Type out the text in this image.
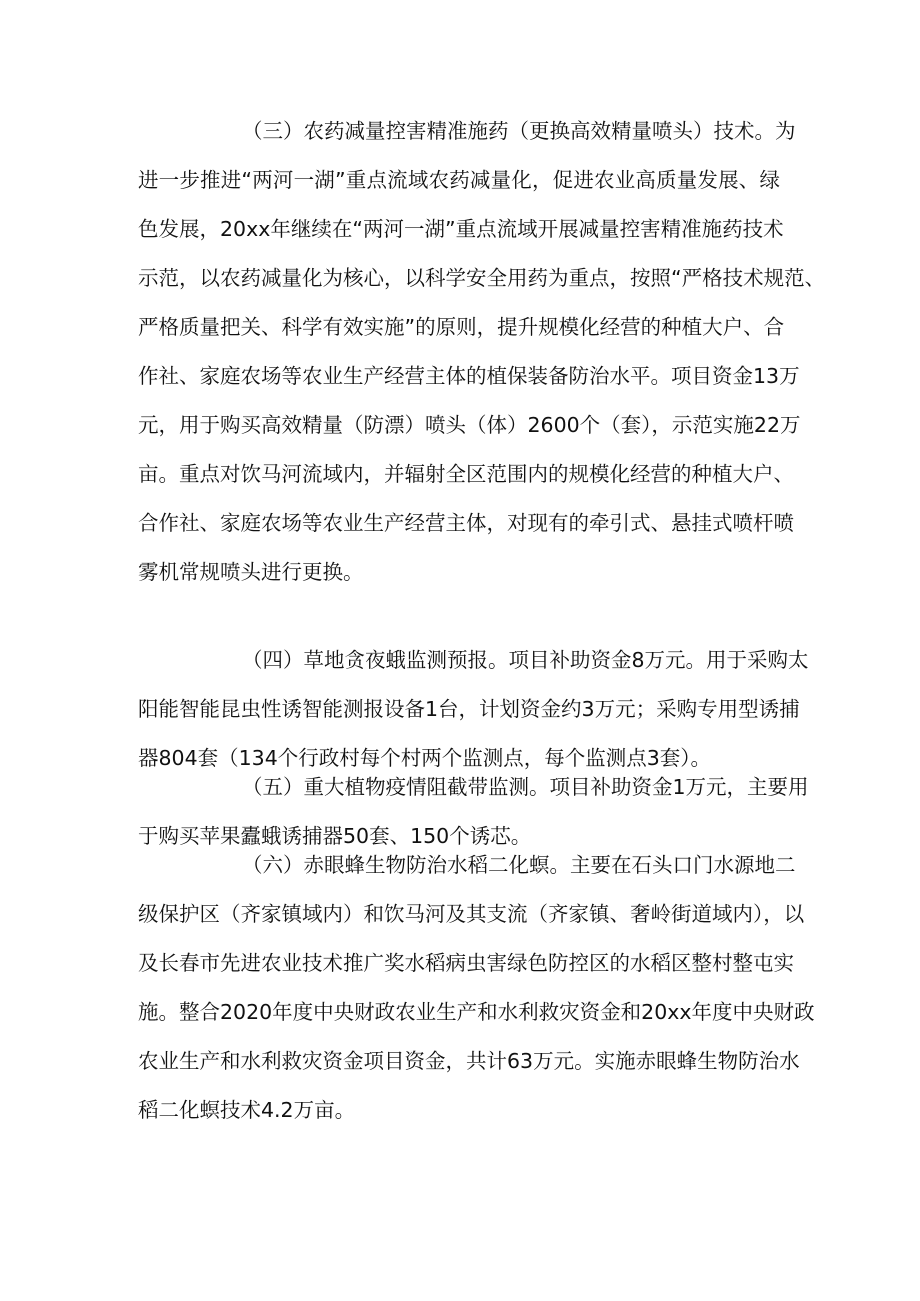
（三）农药减量控害精准施药（更换高效精量喷头）技术。为
进一步推进“两河一湖”重点流域农药减量化，促进农业高质量发展、绿
色发展，20xx年继续在“两河一湖”重点流域开展减量控害精准施药技术
示范，以农药减量化为核心，以科学安全用药为重点，按照“严格技术规范、
严格质量把关、科学有效实施”的原则，提升规模化经营的种植大户、合
作社、家庭农场等农业生产经营主体的植保装备防治水平。项目资金13万
元，用于购买高效精量（防漂）喷头（体）2600个（套），示范实施22万
亩。重点对饮马河流域内，并辐射全区范围内的规模化经营的种植大户、
合作社、家庭农场等农业生产经营主体，对现有的牵引式、悬挂式喷杆喷
雾机常规喷头进行更换。
（四）草地贪夜蛾监测预报。项目补助资金8万元。用于采购太
阳能智能昆虫性诱智能测报设备1台，计划资金约3万元；采购专用型诱捕
器804套（134个行政村每个村两个监测点，每个监测点3套）。
（五）重大植物疫情阻截带监测。项目补助资金1万元，主要用
于购买苹果蠹蛾诱捕器50套、150个诱芯。
（六）赤眼蜂生物防治水稻二化螟。主要在石头口门水源地二
级保护区（齐家镇域内）和饮马河及其支流（齐家镇、奢岭街道域内），以
及长春市先进农业技术推广奖水稻病虫害绿色防控区的水稻区整村整屯实
施。整合2020年度中央财政农业生产和水利救灾资金和20xx年度中央财政
农业生产和水利救灾资金项目资金，共计63万元。实施赤眼蜂生物防治水
稻二化螟技术4.2万亩。
